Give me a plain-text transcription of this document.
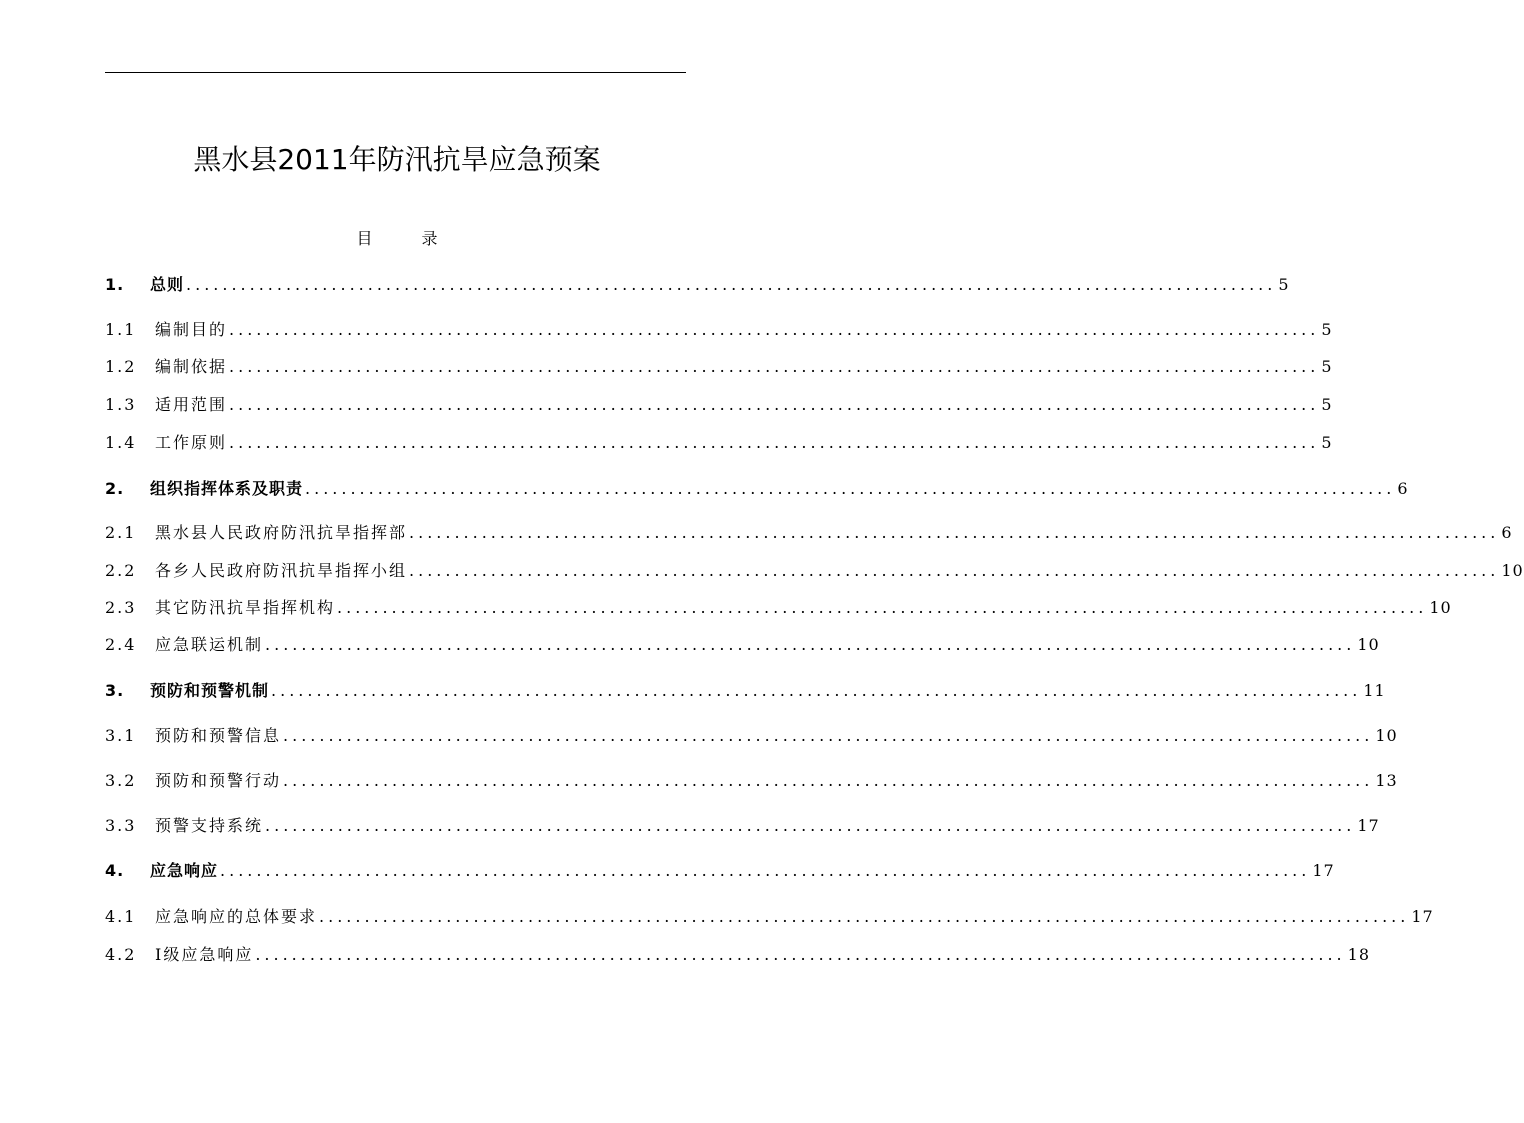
黑水县2011年防汛抗旱应急预案
目 录
1.	总则 ........................................................................................................................ 5
1.1	编制目的 ........................................................................................................................ 5
1.2	编制依据 ........................................................................................................................ 5
1.3	适用范围 ........................................................................................................................ 5
1.4	工作原则 ........................................................................................................................ 5
2.	组织指挥体系及职责 ........................................................................................................................ 6
2.1	黑水县人民政府防汛抗旱指挥部 ........................................................................................................................ 6
2.2	各乡人民政府防汛抗旱指挥小组 ........................................................................................................................ 10
2.3	其它防汛抗旱指挥机构 ........................................................................................................................ 10
2.4	应急联运机制 ........................................................................................................................ 10
3.	预防和预警机制 ........................................................................................................................ 11
3.1	预防和预警信息 ........................................................................................................................ 10
3.2	预防和预警行动 ........................................................................................................................ 13
3.3	预警支持系统 ........................................................................................................................ 17
4.	应急响应 ........................................................................................................................ 17
4.1	应急响应的总体要求 ........................................................................................................................ 17
4.2	Ⅰ级应急响应 ........................................................................................................................ 18
